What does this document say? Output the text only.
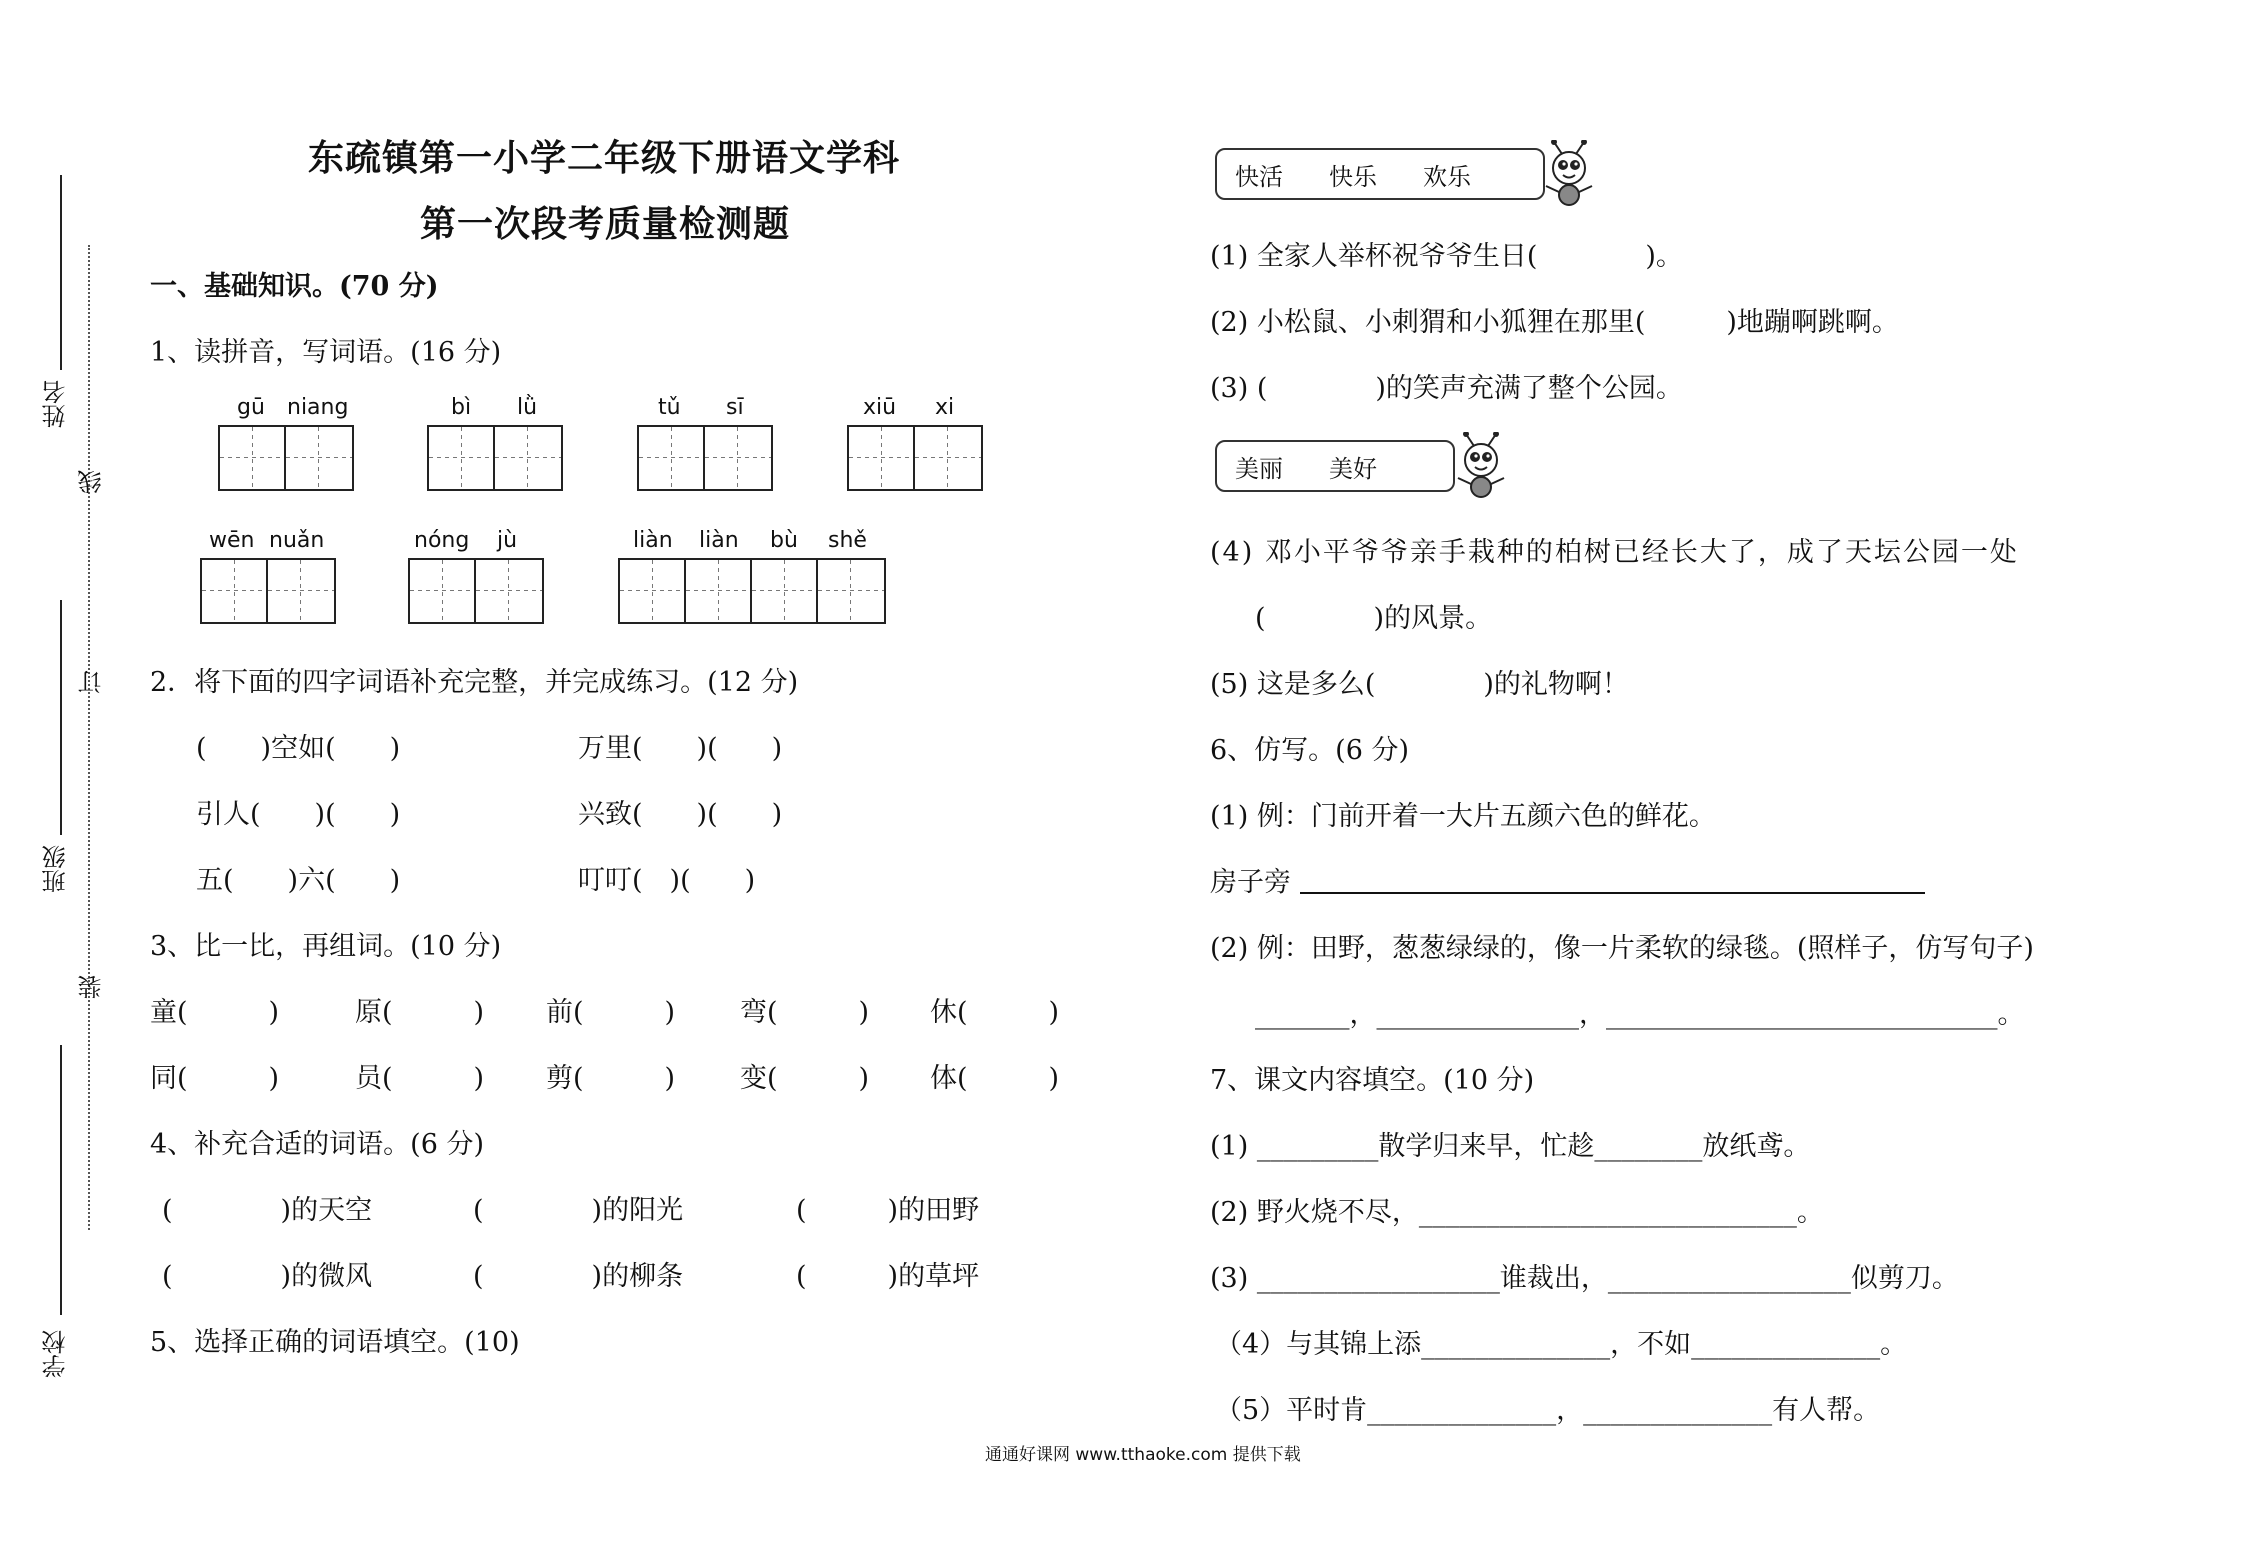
姓名
班级
学校
线
订
装
东疏镇第一小学二年级下册语文学科
第一次段考质量检测题
一、基础知识。(70 分)
1、读拼音，写词语。(16 分)
gū niang	bì lǜ	tǔ sī	xiū xi
wēn nuǎn	nóng jù	liàn liàn bù shě
2．将下面的四字词语补充完整，并完成练习。(12 分)
(　　)空如(　　)	万里(　　)(　　)
引人(　　)(　　)	兴致(　　)(　　)
五(　　)六(　　)	叮叮(　)(　　)
3、比一比，再组词。(10 分)
童(　　　)	原(　　　) 前(　　　) 弯(　　　) 休(　　　)
同(　　　)	员(　　　) 剪(　　　) 变(　　　) 体(　　　)
4、补充合适的词语。(6 分)
(　　　　)的天空	(　　　　)的阳光	(　　　)的田野
(　　　　)的微风	(　　　　)的柳条	(　　　)的草坪
5、选择正确的词语填空。(10)
快活 快乐 欢乐
(1) 全家人举杯祝爷爷生日(　　　　)。
(2) 小松鼠、小刺猬和小狐狸在那里(　　　)地蹦啊跳啊。
(3) (　　　　)的笑声充满了整个公园。
美丽 美好
(4) 邓小平爷爷亲手栽种的柏树已经长大了，成了天坛公园一处
(　　　　)的风景。
(5) 这是多么(　　　　)的礼物啊！
6、仿写。(6 分)
(1) 例：门前开着一大片五颜六色的鲜花。
房子旁
(2) 例：田野，葱葱绿绿的，像一片柔软的绿毯。(照样子，仿写句子)
_______，_______________，_____________________________。
7、课文内容填空。(10 分)
(1) _________散学归来早，忙趁________放纸鸢。
(2) 野火烧不尽，____________________________。
(3) __________________谁裁出，__________________似剪刀。
（4）与其锦上添______________，不如______________。
（5）平时肯______________，______________有人帮。
通通好课网 www.tthaoke.com 提供下载
